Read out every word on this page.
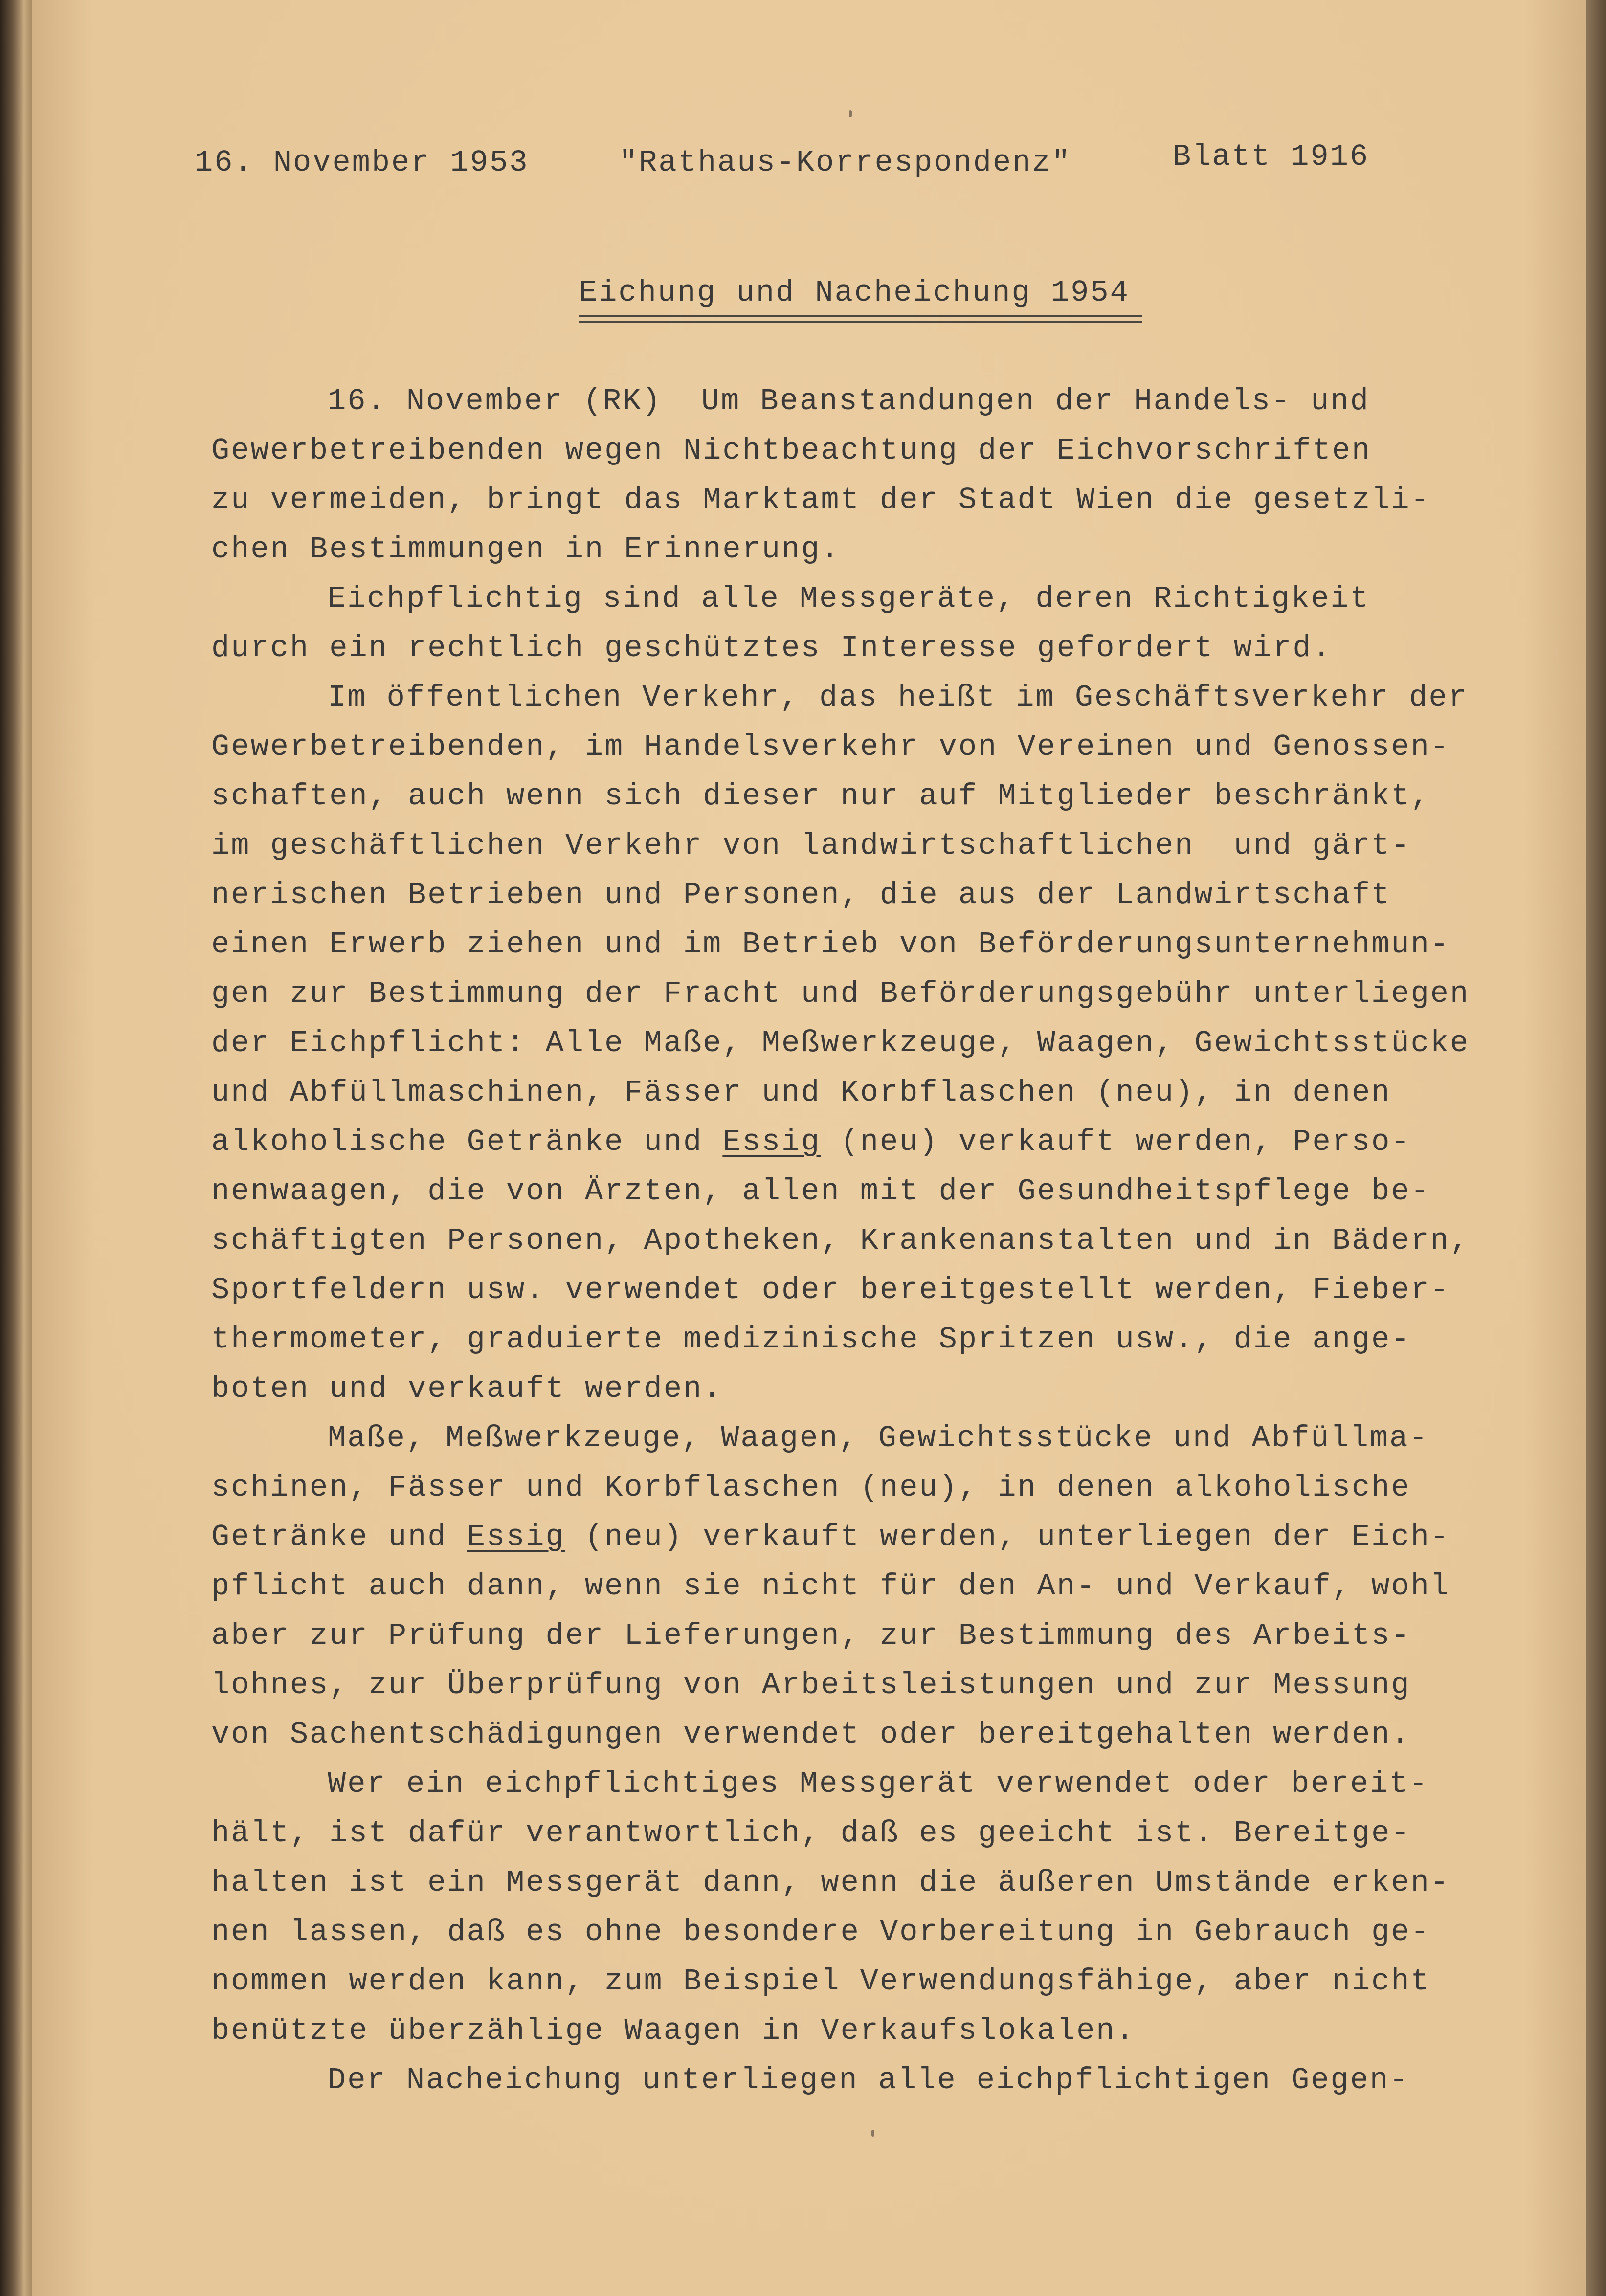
16. November 1953	"Rathaus-Korrespondenz"	Blatt 1916
Eichung und Nacheichung 1954
16. November (RK)  Um Beanstandungen der Handels- und
Gewerbetreibenden wegen Nichtbeachtung der Eichvorschriften
zu vermeiden, bringt das Marktamt der Stadt Wien die gesetzli-
chen Bestimmungen in Erinnerung.
Eichpflichtig sind alle Messgeräte, deren Richtigkeit
durch ein rechtlich geschütztes Interesse gefordert wird.
Im öffentlichen Verkehr, das heißt im Geschäftsverkehr der
Gewerbetreibenden, im Handelsverkehr von Vereinen und Genossen-
schaften, auch wenn sich dieser nur auf Mitglieder beschränkt,
im geschäftlichen Verkehr von landwirtschaftlichen  und gärt-
nerischen Betrieben und Personen, die aus der Landwirtschaft
einen Erwerb ziehen und im Betrieb von Beförderungsunternehmun-
gen zur Bestimmung der Fracht und Beförderungsgebühr unterliegen
der Eichpflicht: Alle Maße, Meßwerkzeuge, Waagen, Gewichtsstücke
und Abfüllmaschinen, Fässer und Korbflaschen (neu), in denen
alkoholische Getränke und Essig (neu) verkauft werden, Perso-
nenwaagen, die von Ärzten, allen mit der Gesundheitspflege be-
schäftigten Personen, Apotheken, Krankenanstalten und in Bädern,
Sportfeldern usw. verwendet oder bereitgestellt werden, Fieber-
thermometer, graduierte medizinische Spritzen usw., die ange-
boten und verkauft werden.
Maße, Meßwerkzeuge, Waagen, Gewichtsstücke und Abfüllma-
schinen, Fässer und Korbflaschen (neu), in denen alkoholische
Getränke und Essig (neu) verkauft werden, unterliegen der Eich-
pflicht auch dann, wenn sie nicht für den An- und Verkauf, wohl
aber zur Prüfung der Lieferungen, zur Bestimmung des Arbeits-
lohnes, zur Überprüfung von Arbeitsleistungen und zur Messung
von Sachentschädigungen verwendet oder bereitgehalten werden.
Wer ein eichpflichtiges Messgerät verwendet oder bereit-
hält, ist dafür verantwortlich, daß es geeicht ist. Bereitge-
halten ist ein Messgerät dann, wenn die äußeren Umstände erken-
nen lassen, daß es ohne besondere Vorbereitung in Gebrauch ge-
nommen werden kann, zum Beispiel Verwendungsfähige, aber nicht
benützte überzählige Waagen in Verkaufslokalen.
Der Nacheichung unterliegen alle eichpflichtigen Gegen-
